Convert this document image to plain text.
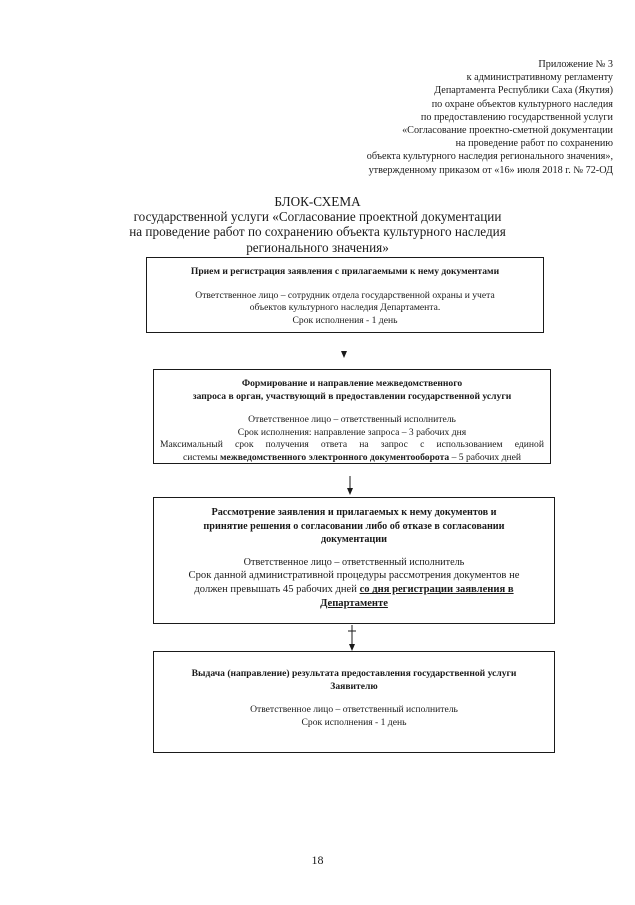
Приложение № 3
к административному регламенту
Департамента Республики Саха (Якутия)
по охране объектов культурного наследия
по предоставлению государственной услуги
«Согласование проектно-сметной документации
на проведение работ по сохранению
объекта культурного наследия регионального значения»,
утвержденному приказом от «16» июля 2018 г. № 72-ОД
БЛОК-СХЕМА
государственной услуги «Согласование проектной документации
на проведение работ по сохранению объекта культурного наследия
регионального значения»
Прием и регистрация заявления с прилагаемыми к нему документами
Ответственное лицо – сотрудник отдела государственной охраны и учета
объектов культурного наследия Департамента.
Срок исполнения - 1 день
Формирование и направление межведомственного
запроса в орган, участвующий в предоставлении государственной услуги
Ответственное лицо – ответственный исполнитель
Срок исполнения: направление запроса – 3 рабочих дня
Максимальный срок получения ответа на запрос с использованием единой
системы межведомственного электронного документооборота – 5 рабочих дней
Рассмотрение заявления и прилагаемых к нему документов и
принятие решения о согласовании либо об отказе в согласовании
документации
Ответственное лицо – ответственный исполнитель
Срок данной административной процедуры рассмотрения документов не
должен превышать 45 рабочих дней со дня регистрации заявления в
Департаменте
Выдача (направление) результата предоставления государственной услуги
Заявителю
Ответственное лицо – ответственный исполнитель
Срок исполнения - 1 день
18
